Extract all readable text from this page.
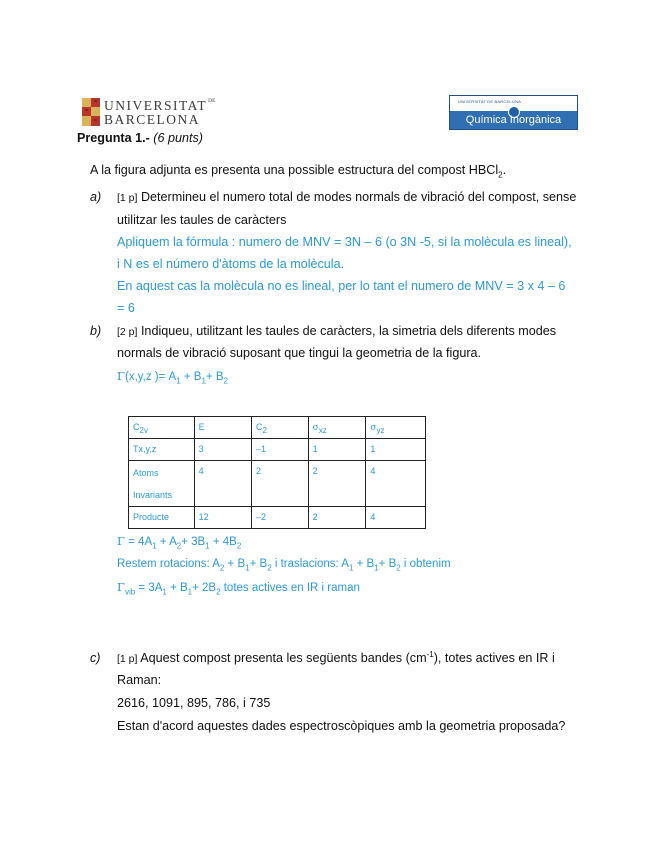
$UNIVERSITAT^{DE}$
BARCELONA
UNIVERSITAT DE BARCELONA
Química Inorgànica
Pregunta 1.- (6 punts)
A la figura adjunta es presenta una possible estructura del compost HBCl$_2$.
a) [1 p] Determineu el numero total de modes normals de vibració del compost, sense
utilitzar les taules de caràcters
Apliquem la fórmula : numero de MNV = 3N – 6 (o 3N -5, si la molècula es lineal),
i N es el número d'àtoms de la molècula.
En aquest cas la molècula no es lineal, per lo tant el numero de MNV = 3 x 4 – 6
= 6
b) [2 p] Indiqueu, utilitzant les taules de caràcters, la simetria dels diferents modes
normals de vibració suposant que tingui la geometria de la figura.
Γ(x,y,z )= $A_1 + B_1+ B_2$
$C_{2v}$	E	$C_2$	$\sigma_{xz}$	$\sigma_{yz}$
Tx,y,z	3	–1	1	1
Atoms Invariants	4	2	2	4
Producte	12	–2	2	4
$\Gamma = 4A_1 + A_2+ 3B_1 + 4B_2$
Restem rotacions: $A_2 + B_1+ B_2$ i traslacions: $A_1 + B_1+ B_2$ i obtenim
$\Gamma_{vib} = 3A_1 + B_1+ 2B_2$ totes actives en IR i raman
c) [1 p] Aquest compost presenta les següents bandes $(cm^{-1})$, totes actives en IR i
Raman:
2616, 1091, 895, 786, i 735
Estan d'acord aquestes dades espectroscòpiques amb la geometria proposada?
